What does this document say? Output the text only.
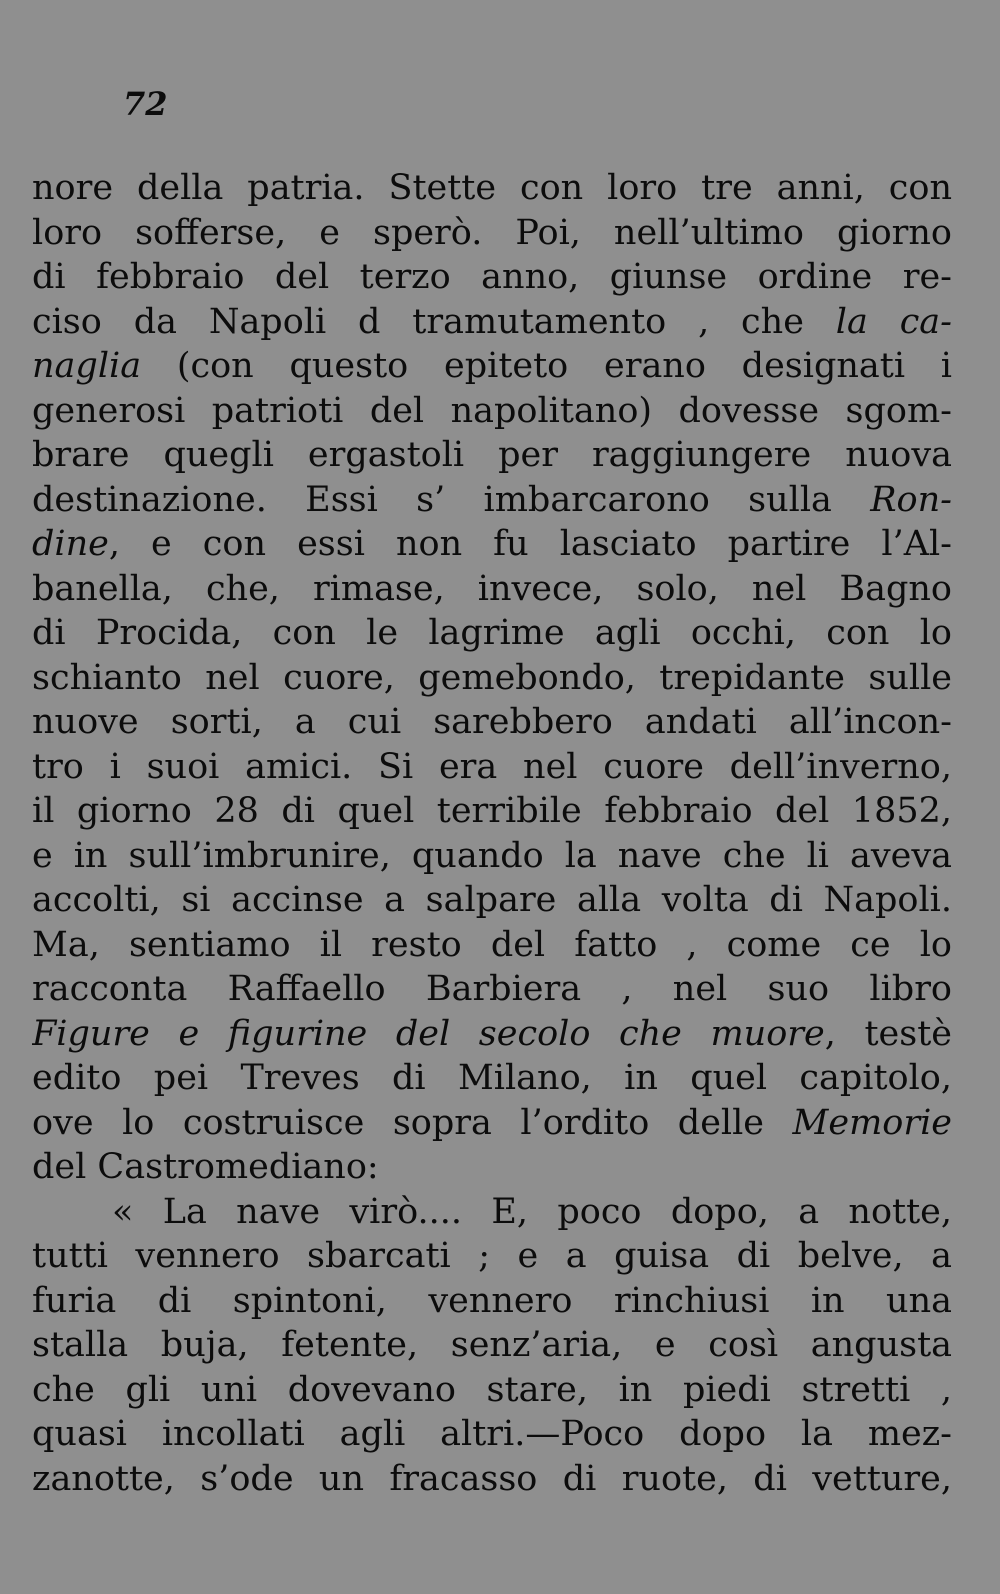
72
nore della patria. Stette con loro tre anni, con
loro sofferse, e sperò. Poi, nell’ultimo giorno
di febbraio del terzo anno, giunse ordine re-
ciso da Napoli d tramutamento , che la ca-
naglia (con questo epiteto erano designati i
generosi patrioti del napolitano) dovesse sgom-
brare quegli ergastoli per raggiungere nuova
destinazione. Essi s’ imbarcarono sulla Ron-
dine, e con essi non fu lasciato partire l’Al-
banella, che, rimase, invece, solo, nel Bagno
di Procida, con le lagrime agli occhi, con lo
schianto nel cuore, gemebondo, trepidante sulle
nuove sorti, a cui sarebbero andati all’incon-
tro i suoi amici. Si era nel cuore dell’inverno,
il giorno 28 di quel terribile febbraio del 1852,
e in sull’imbrunire, quando la nave che li aveva
accolti, si accinse a salpare alla volta di Napoli.
Ma, sentiamo il resto del fatto , come ce lo
racconta Raffaello Barbiera , nel suo libro
Figure e figurine del secolo che muore, testè
edito pei Treves di Milano, in quel capitolo,
ove lo costruisce sopra l’ordito delle Memorie
del Castromediano:
« La nave virò.... E, poco dopo, a notte,
tutti vennero sbarcati ; e a guisa di belve, a
furia di spintoni, vennero rinchiusi in una
stalla buja, fetente, senz’aria, e così angusta
che gli uni dovevano stare, in piedi stretti ,
quasi incollati agli altri.—Poco dopo la mez-
zanotte, s’ode un fracasso di ruote, di vetture,
